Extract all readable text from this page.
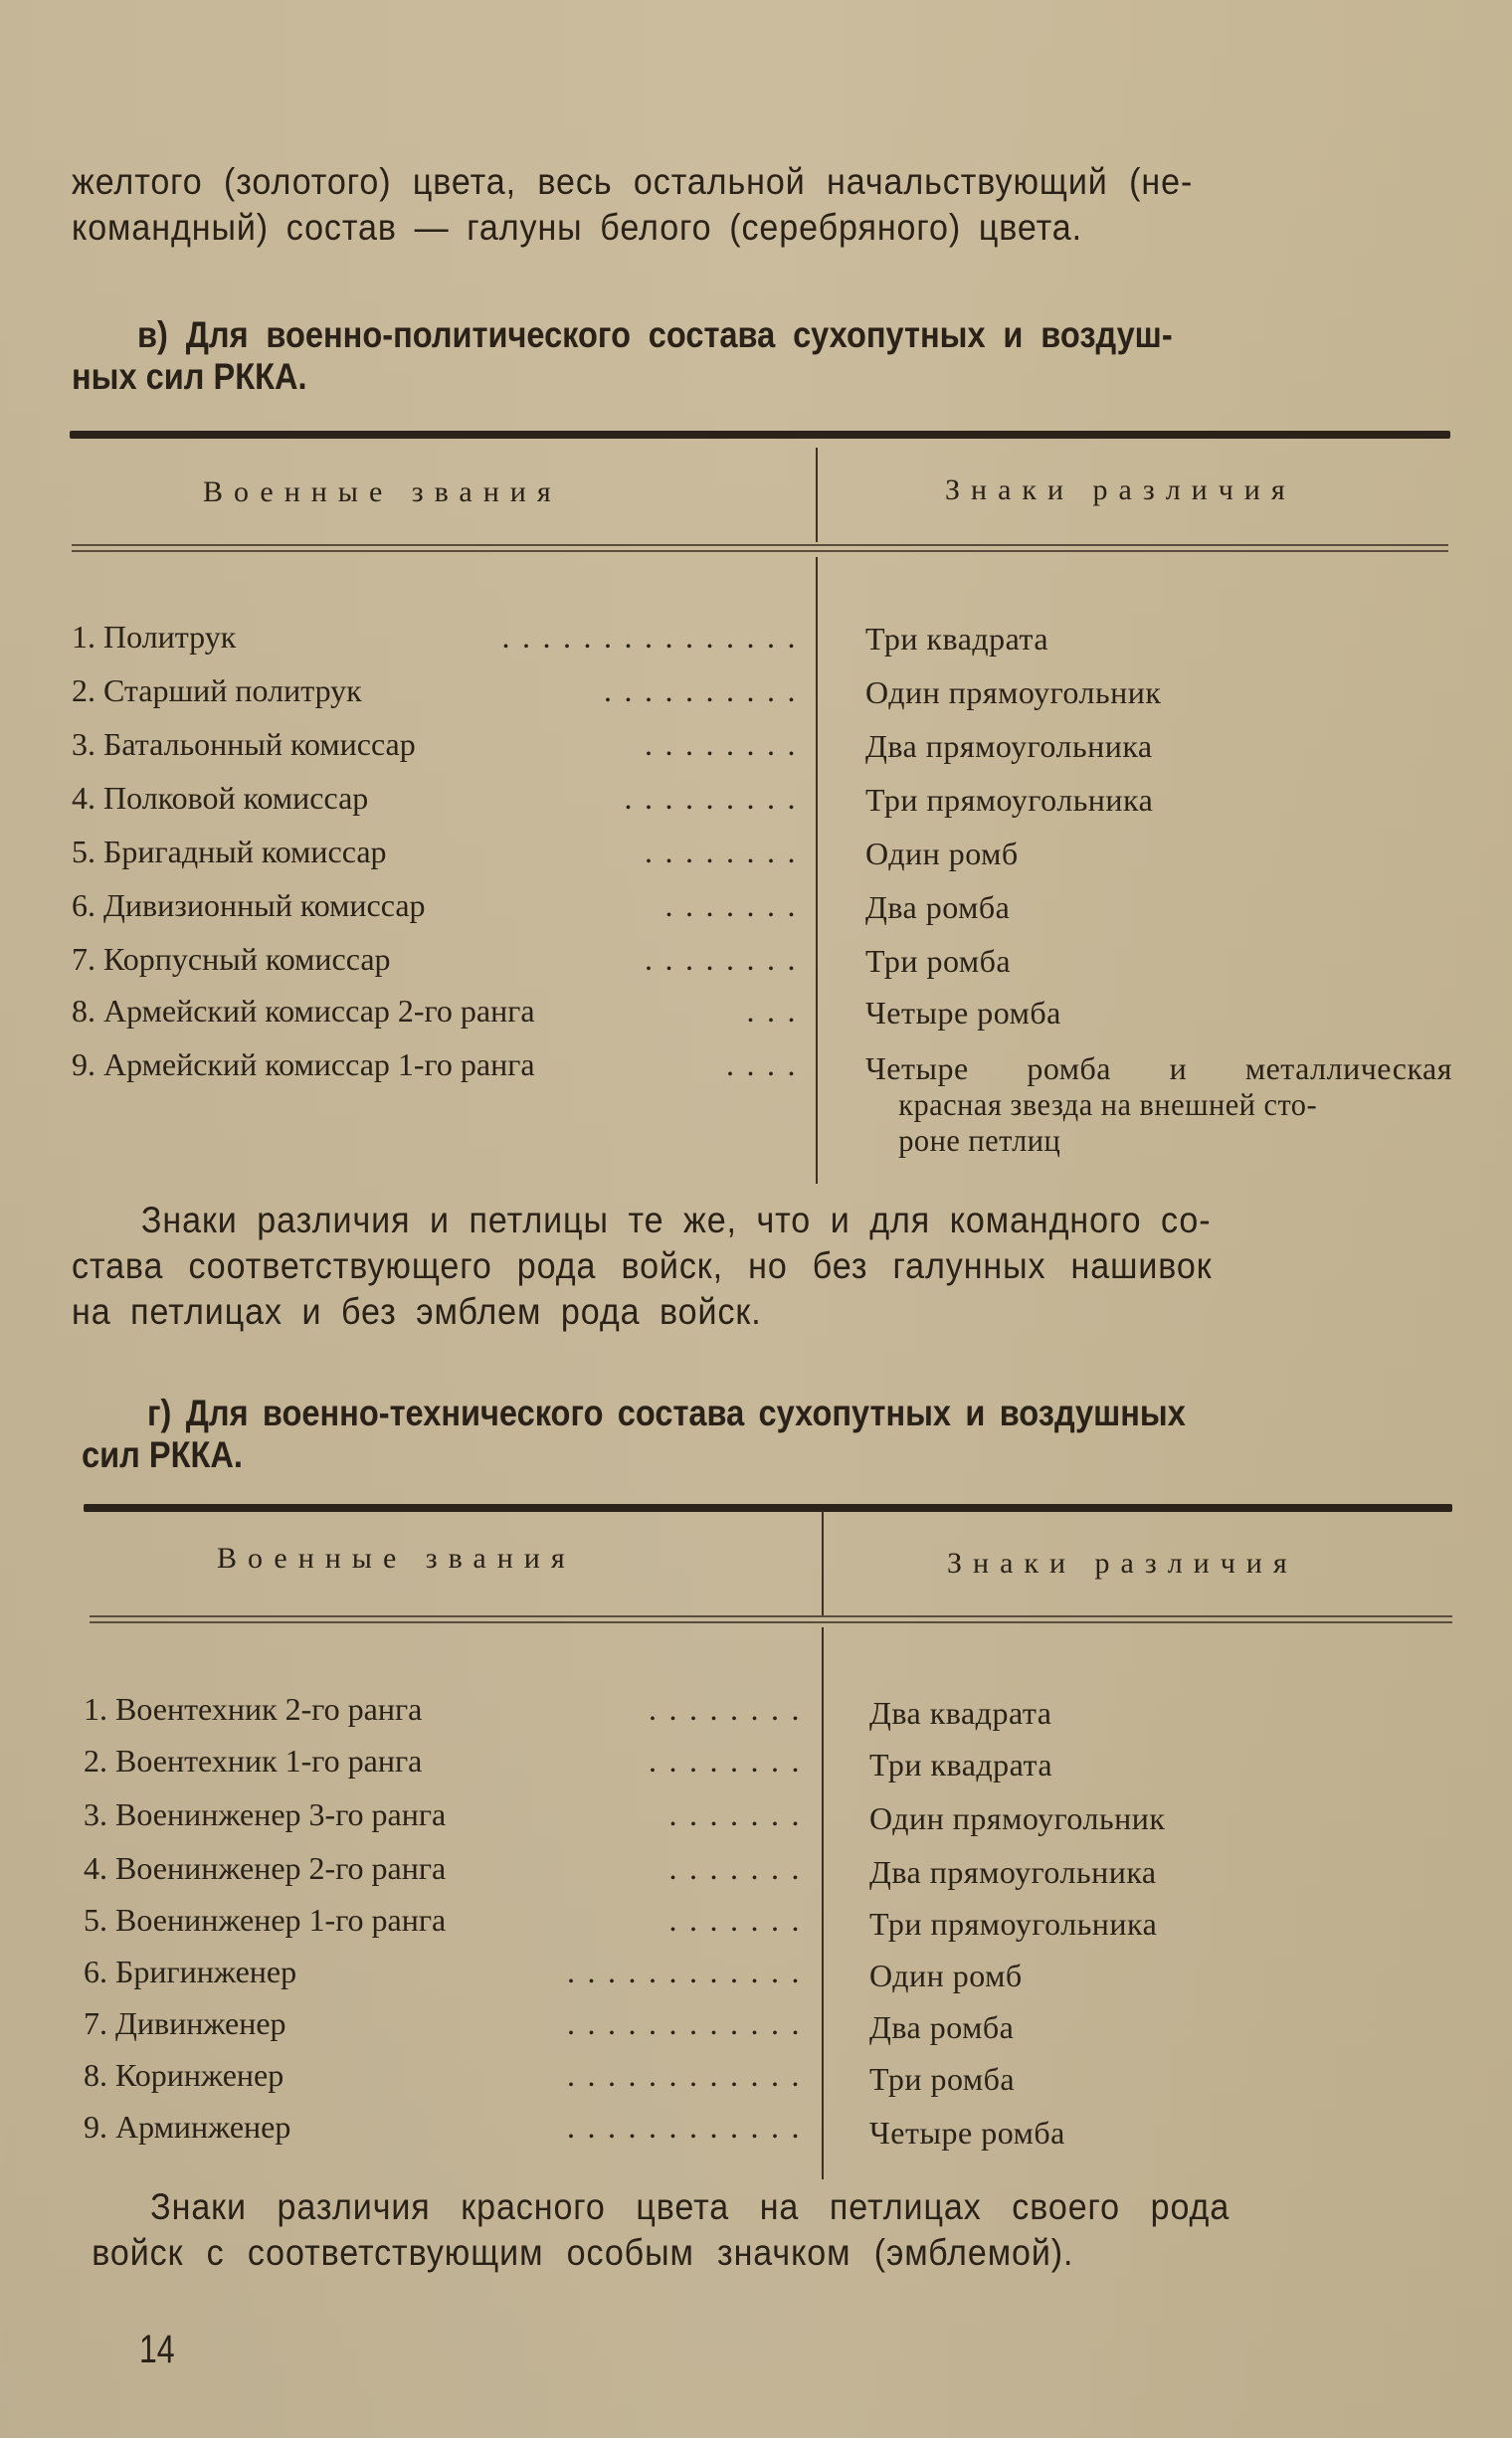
желтого (золотого) цвета, весь остальной начальствующий (не-
командный) состав — галуны белого (серебряного) цвета.
в) Для военно-политического состава сухопутных и воздуш-
ных сил РККА.
Военные звания	Знаки различия
1. Политрук	............... Три квадрата
2. Старший политрук	.......... Один прямоугольник
3. Батальонный комиссар	........ Два прямоугольника
4. Полковой комиссар	......... Три прямоугольника
5. Бригадный комиссар	........ Один ромб
6. Дивизионный комиссар	....... Два ромба
7. Корпусный комиссар	........ Три ромба
8. Армейский комиссар 2-го ранга	... Четыре ромба
9. Армейский комиссар 1-го ранга	.... Четыре ромба и металлическая
красная звезда на внешней сто-
роне петлиц
Знаки различия и петлицы те же, что и для командного со-
става соответствующего рода войск, но без галунных нашивок
на петлицах и без эмблем рода войск.
г) Для военно-технического состава сухопутных и воздушных
сил РККА.
Военные звания	Знаки различия
1. Воентехник 2-го ранга	........ Два квадрата
2. Воентехник 1-го ранга	........ Три квадрата
3. Военинженер 3-го ранга	....... Один прямоугольник
4. Военинженер 2-го ранга	....... Два прямоугольника
5. Военинженер 1-го ранга	....... Три прямоугольника
6. Бригинженер	............ Один ромб
7. Дивинженер	............ Два ромба
8. Коринженер	............ Три ромба
9. Арминженер	............ Четыре ромба
Знаки различия красного цвета на петлицах своего рода
войск с соответствующим особым значком (эмблемой).
14
